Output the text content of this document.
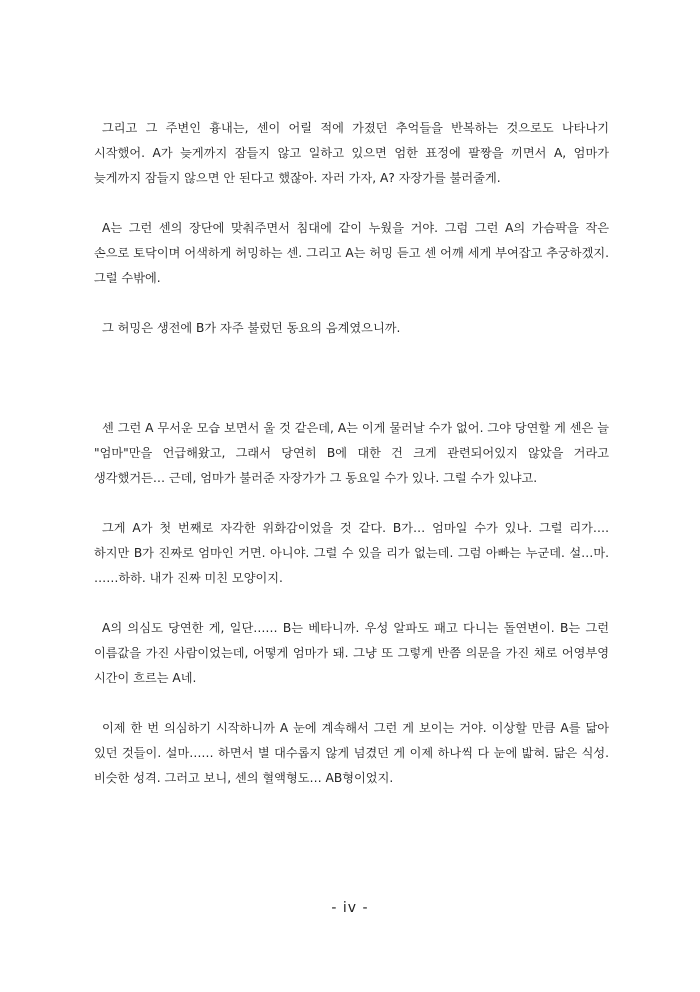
그리고 그 주변인 흉내는, 센이 어릴 적에 가졌던 추억들을 반복하는 것으로도 나타나기 시작했어. A가 늦게까지 잠들지 않고 일하고 있으면 엄한 표정에 팔짱을 끼면서 A, 엄마가 늦게까지 잠들지 않으면 안 된다고 했잖아. 자러 가자, A? 자장가를 불러줄게.

A는 그런 센의 장단에 맞춰주면서 침대에 같이 누웠을 거야. 그럼 그런 A의 가슴팍을 작은 손으로 토닥이며 어색하게 허밍하는 센. 그리고 A는 허밍 듣고 센 어깨 세게 부여잡고 추궁하겠지. 그럴 수밖에.

그 허밍은 생전에 B가 자주 불렀던 동요의 음계였으니까.

센 그런 A 무서운 모습 보면서 울 것 같은데, A는 이게 물러날 수가 없어. 그야 당연할 게 센은 늘 "엄마"만을 언급해왔고, 그래서 당연히 B에 대한 건 크게 관련되어있지 않았을 거라고 생각했거든… 근데, 엄마가 불러준 자장가가 그 동요일 수가 있나. 그럴 수가 있냐고.

그게 A가 첫 번째로 자각한 위화감이었을 것 같다. B가… 엄마일 수가 있나. 그럴 리가…. 하지만 B가 진짜로 엄마인 거면. 아니야. 그럴 수 있을 리가 없는데. 그럼 아빠는 누군데. 설…마. ……하하. 내가 진짜 미친 모양이지.

A의 의심도 당연한 게, 일단…… B는 베타니까. 우성 알파도 패고 다니는 돌연변이. B는 그런 이름값을 가진 사람이었는데, 어떻게 엄마가 돼. 그냥 또 그렇게 반쯤 의문을 가진 채로 어영부영 시간이 흐르는 A네.

이제 한 번 의심하기 시작하니까 A 눈에 계속해서 그런 게 보이는 거야. 이상할 만큼 A를 닮아 있던 것들이. 설마…… 하면서 별 대수롭지 않게 넘겼던 게 이제 하나씩 다 눈에 밟혀. 닮은 식성. 비슷한 성격. 그러고 보니, 센의 혈액형도… AB형이었지.

- iv -
